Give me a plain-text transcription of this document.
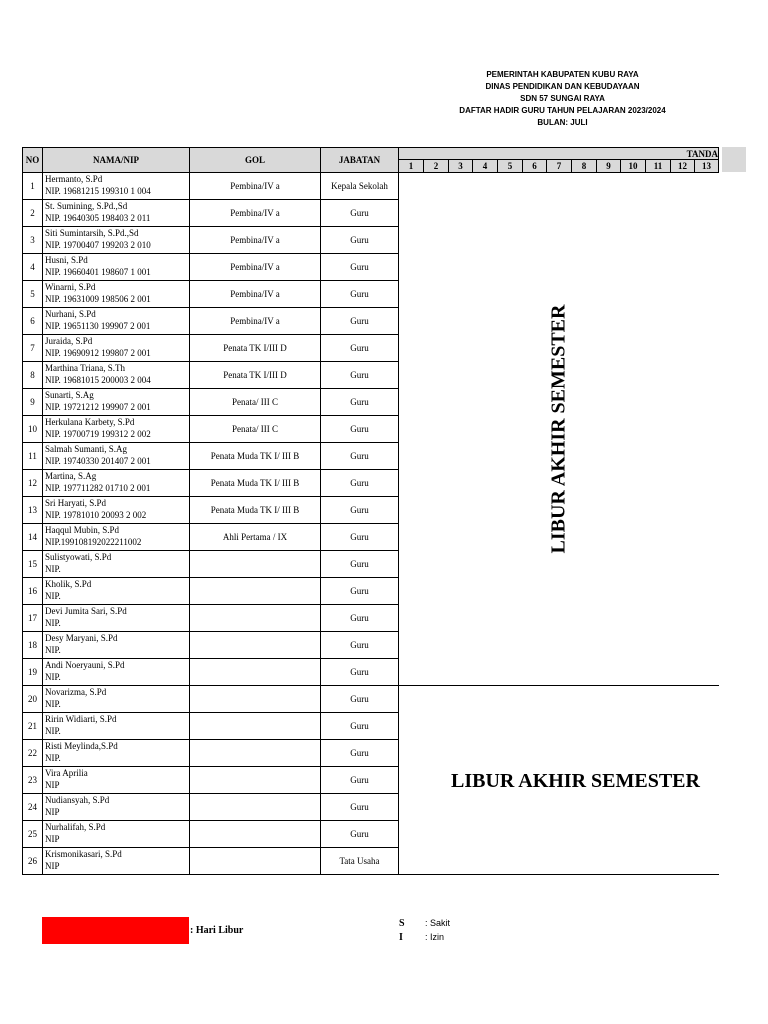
PEMERINTAH KABUPATEN KUBU RAYA
DINAS PENDIDIKAN DAN KEBUDAYAAN
SDN 57 SUNGAI RAYA
DAFTAR HADIR GURU TAHUN PELAJARAN 2023/2024
BULAN: JULI
NO	NAMA/NIP	GOL	JABATAN	TANDA												
				1	2	3	4	5	6	7	8	9	10	11	12	13
1	Hermanto, S.Pd
NIP. 19681215 199310 1 004	Pembina/IV a	Kepala Sekolah	LIBUR AKHIR SEMESTER												

2	St. Sumining, S.Pd.,Sd
NIP. 19640305 198403 2 011	Pembina/IV a	Guru													
3	Siti Sumintarsih, S.Pd.,Sd
NIP. 19700407 199203 2 010	Pembina/IV a	Guru													
4	Husni, S.Pd
NIP. 19660401 198607 1 001	Pembina/IV a	Guru													
5	Winarni, S.Pd
NIP. 19631009 198506 2 001	Pembina/IV a	Guru													
6	Nurhani, S.Pd
NIP. 19651130 199907 2 001	Pembina/IV a	Guru													
7	Juraida, S.Pd
NIP. 19690912 199807 2 001	Penata TK I/III D	Guru													
8	Marthina Triana, S.Th
NIP. 19681015 200003 2 004	Penata TK I/III D	Guru													
9	Sunarti, S.Ag
NIP. 19721212 199907 2 001	Penata/ III C	Guru													
10	Herkulana Karbety, S.Pd
NIP. 19700719 199312 2 002	Penata/ III C	Guru													
11	Salmah Sumanti, S.Ag
NIP. 19740330 201407 2 001	Penata Muda TK I/ III B	Guru													
12	Martina, S.Ag
NIP. 197711282 01710 2 001	Penata Muda TK I/ III B	Guru													
13	Sri Haryati, S.Pd
NIP. 19781010 20093 2 002	Penata Muda TK I/ III B	Guru													
14	Haqqul Mubin, S.Pd
NIP.199108192022211002	Ahli Pertama / IX	Guru													
15	Sulistyowati, S.Pd
NIP.		Guru													
16	Kholik, S.Pd
NIP.		Guru													
17	Devi Jumita Sari, S.Pd
NIP.		Guru													
18	Desy Maryani, S.Pd
NIP.		Guru													
19	Andi Noeryauni, S.Pd
NIP.		Guru													
20	Novarizma, S.Pd
NIP.		Guru	LIBUR AKHIR SEMESTER												

21	Ririn Widiarti, S.Pd
NIP.		Guru													
22	Risti Meylinda,S.Pd
NIP.		Guru													
23	Vira Aprilia
NIP		Guru													
24	Nudiansyah, S.Pd
NIP		Guru													
25	Nurhalifah, S.Pd
NIP		Guru													
26	Krismonikasari, S.Pd
NIP		Tata Usaha													
: Hari Libur
S : Sakit
I : Izin
